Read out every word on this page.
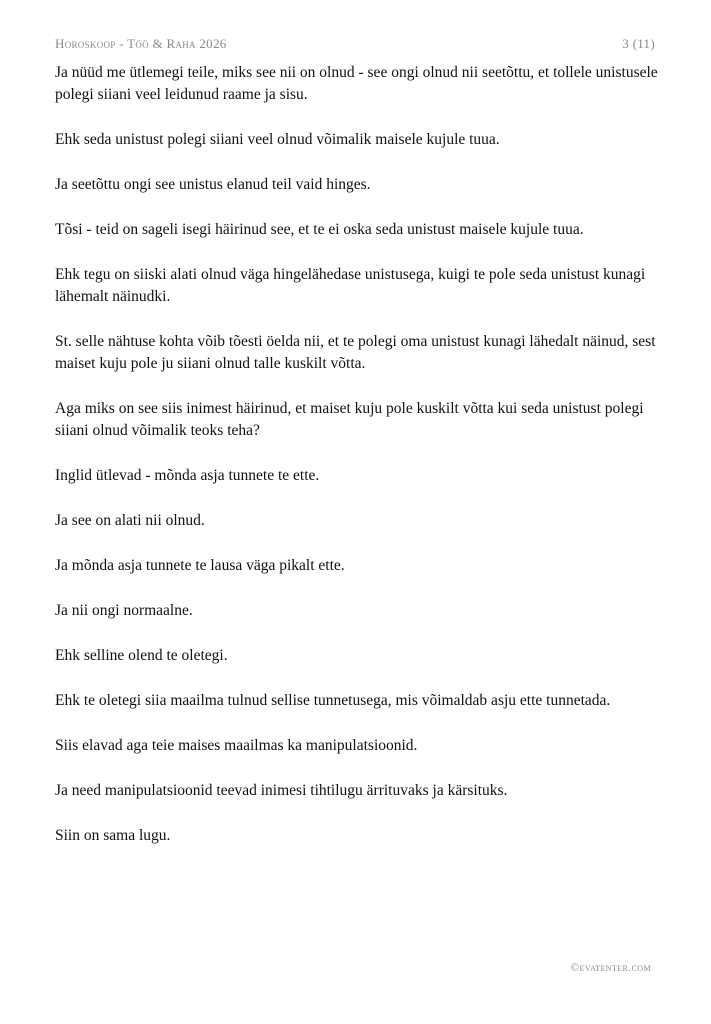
Horoskoop - Töö & Raha 2026	3 (11)

Ja nüüd me ütlemegi teile, miks see nii on olnud - see ongi olnud nii seetõttu, et tollele unistusele polegi siiani veel leidunud raame ja sisu.

Ehk seda unistust polegi siiani veel olnud võimalik maisele kujule tuua.

Ja seetõttu ongi see unistus elanud teil vaid hinges.

Tõsi - teid on sageli isegi häirinud see, et te ei oska seda unistust maisele kujule tuua.

Ehk tegu on siiski alati olnud väga hingelähedase unistusega, kuigi te pole seda unistust kunagi lähemalt näinudki.

St. selle nähtuse kohta võib tõesti öelda nii, et te polegi oma unistust kunagi lähedalt näinud, sest maiset kuju pole ju siiani olnud talle kuskilt võtta.

Aga miks on see siis inimest häirinud, et maiset kuju pole kuskilt võtta kui seda unistust polegi siiani olnud võimalik teoks teha?

Inglid ütlevad - mõnda asja tunnete te ette.

Ja see on alati nii olnud.

Ja mõnda asja tunnete te lausa väga pikalt ette.

Ja nii ongi normaalne.

Ehk selline olend te oletegi.

Ehk te oletegi siia maailma tulnud sellise tunnetusega, mis võimaldab asju ette tunnetada.

Siis elavad aga teie maises maailmas ka manipulatsioonid.

Ja need manipulatsioonid teevad inimesi tihtilugu ärrituvaks ja kärsituks.

Siin on sama lugu.

©evatenter.com
